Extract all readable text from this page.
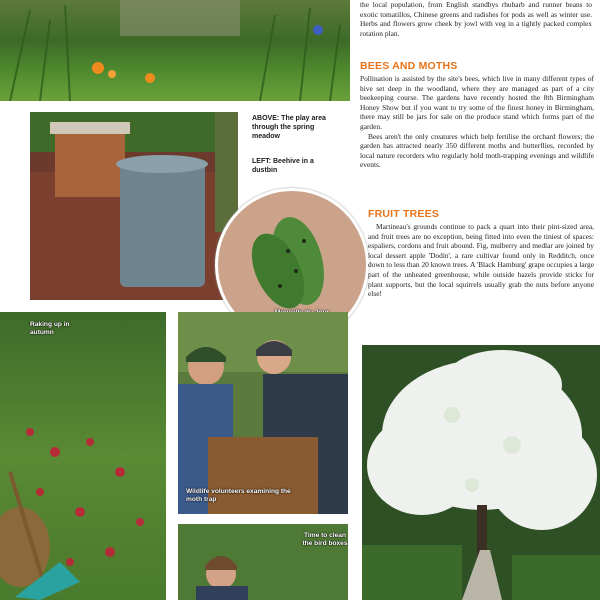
the local population, from English standbys rhubarb and runner beans to exotic tomatillos, Chinese greens and radishes for pods as well as winter use. Herbs and flowers grow cheek by jowl with veg in a tightly packed complex rotation plan.

BEES AND MOTHS

Pollination is assisted by the site's bees, which live in many different types of hive set deep in the woodland, where they are managed as part of a city beekeeping course. The gardens have recently hosted the 8th Birmingham Honey Show but if you want to try some of the finest honey in Birmingham, there may still be jars for sale on the produce stand which forms part of the garden.

Bees aren't the only creatures which help fertilise the orchard flowers; the garden has attracted nearly 350 different moths and butterflies, recorded by local nature recorders who regularly hold moth-trapping evenings and wildlife events.

ABOVE: The play area through the spring meadow
LEFT: Beehive in a dustbin
FRUIT TREES

Martineau's grounds continue to pack a quart into their pint-sized area, and fruit trees are no exception, being fitted into even the tiniest of spaces: espaliers, cordons and fruit abound. Fig, mulberry and medlar are joined by local dessert apple 'Dodin', a rare cultivar found only in Redditch, once down to less than 20 known trees. A 'Black Hamburg' grape occupies a large part of the unheated greenhouse, while outside hazels provide sticks for plant supports, but the local squirrels usually grab the nuts before anyone else!

Raking up in autumn
Wildlife volunteers examining the moth trap
Time to clean the bird boxes
